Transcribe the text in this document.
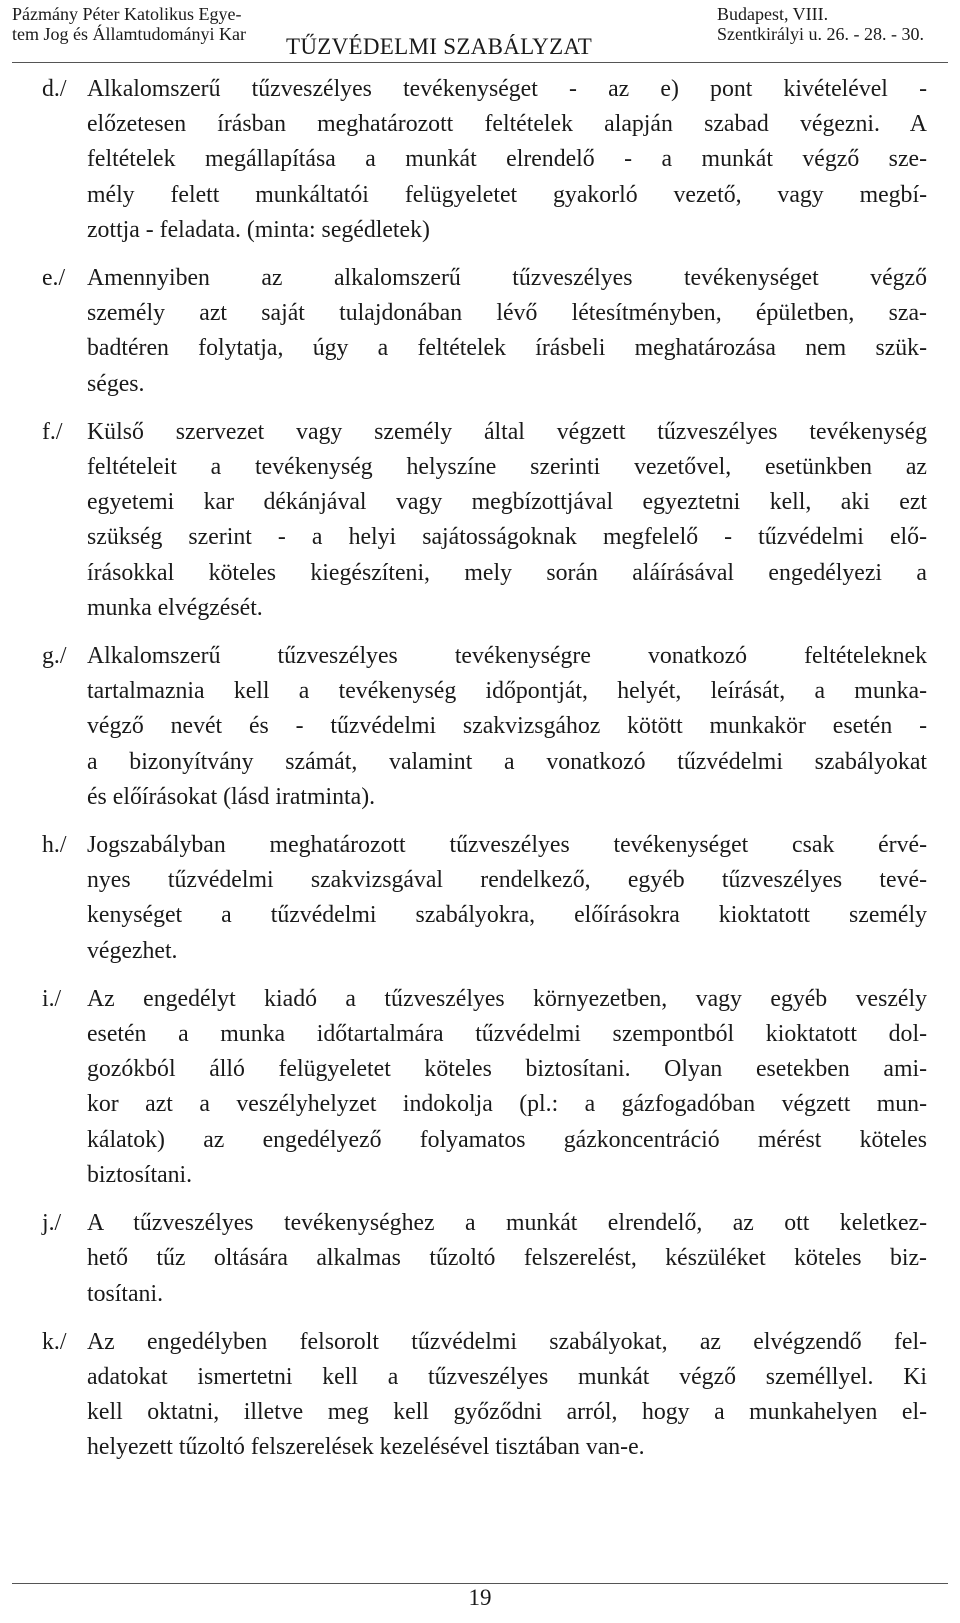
Pázmány Péter Katolikus Egye-
tem Jog és Államtudományi Kar TŰZVÉDELMI SZABÁLYZAT
Budapest, VIII.
Szentkirályi u. 26. - 28. - 30.
d./ Alkalomszerű tűzveszélyes tevékenységet - az e) pont kivételével -
előzetesen írásban meghatározott feltételek alapján szabad végezni. A
feltételek megállapítása a munkát elrendelő - a munkát végző sze-
mély felett munkáltatói felügyeletet gyakorló vezető, vagy megbí-
zottja - feladata. (minta: segédletek)
e./ Amennyiben az alkalomszerű tűzveszélyes tevékenységet végző
személy azt saját tulajdonában lévő létesítményben, épületben, sza-
badtéren folytatja, úgy a feltételek írásbeli meghatározása nem szük-
séges.
f./	Külső szervezet vagy személy által végzett tűzveszélyes tevékenység
feltételeit a tevékenység helyszíne szerinti vezetővel, esetünkben az
egyetemi kar dékánjával vagy megbízottjával egyeztetni kell, aki ezt
szükség szerint - a helyi sajátosságoknak megfelelő - tűzvédelmi elő-
írásokkal köteles kiegészíteni, mely során aláírásával engedélyezi a
munka elvégzését.
g./ Alkalomszerű tűzveszélyes tevékenységre vonatkozó feltételeknek
tartalmaznia kell a tevékenység időpontját, helyét, leírását, a munka-
végző nevét és - tűzvédelmi szakvizsgához kötött munkakör esetén -
a bizonyítvány számát, valamint a vonatkozó tűzvédelmi szabályokat
és előírásokat (lásd iratminta).
h./ Jogszabályban meghatározott tűzveszélyes tevékenységet csak érvé-
nyes tűzvédelmi szakvizsgával rendelkező, egyéb tűzveszélyes tevé-
kenységet a tűzvédelmi szabályokra, előírásokra kioktatott személy
végezhet.
i./	Az engedélyt kiadó a tűzveszélyes környezetben, vagy egyéb veszély
esetén a munka időtartalmára tűzvédelmi szempontból kioktatott dol-
gozókból álló felügyeletet köteles biztosítani. Olyan esetekben ami-
kor azt a veszélyhelyzet indokolja (pl.: a gázfogadóban végzett mun-
kálatok) az engedélyező folyamatos gázkoncentráció mérést köteles
biztosítani.
j./	A tűzveszélyes tevékenységhez a munkát elrendelő, az ott keletkez-
hető tűz oltására alkalmas tűzoltó felszerelést, készüléket köteles biz-
tosítani.
k./ Az engedélyben felsorolt tűzvédelmi szabályokat, az elvégzendő fel-
adatokat ismertetni kell a tűzveszélyes munkát végző személlyel. Ki
kell oktatni, illetve meg kell győződni arról, hogy a munkahelyen el-
helyezett tűzoltó felszerelések kezelésével tisztában van-e.
19
